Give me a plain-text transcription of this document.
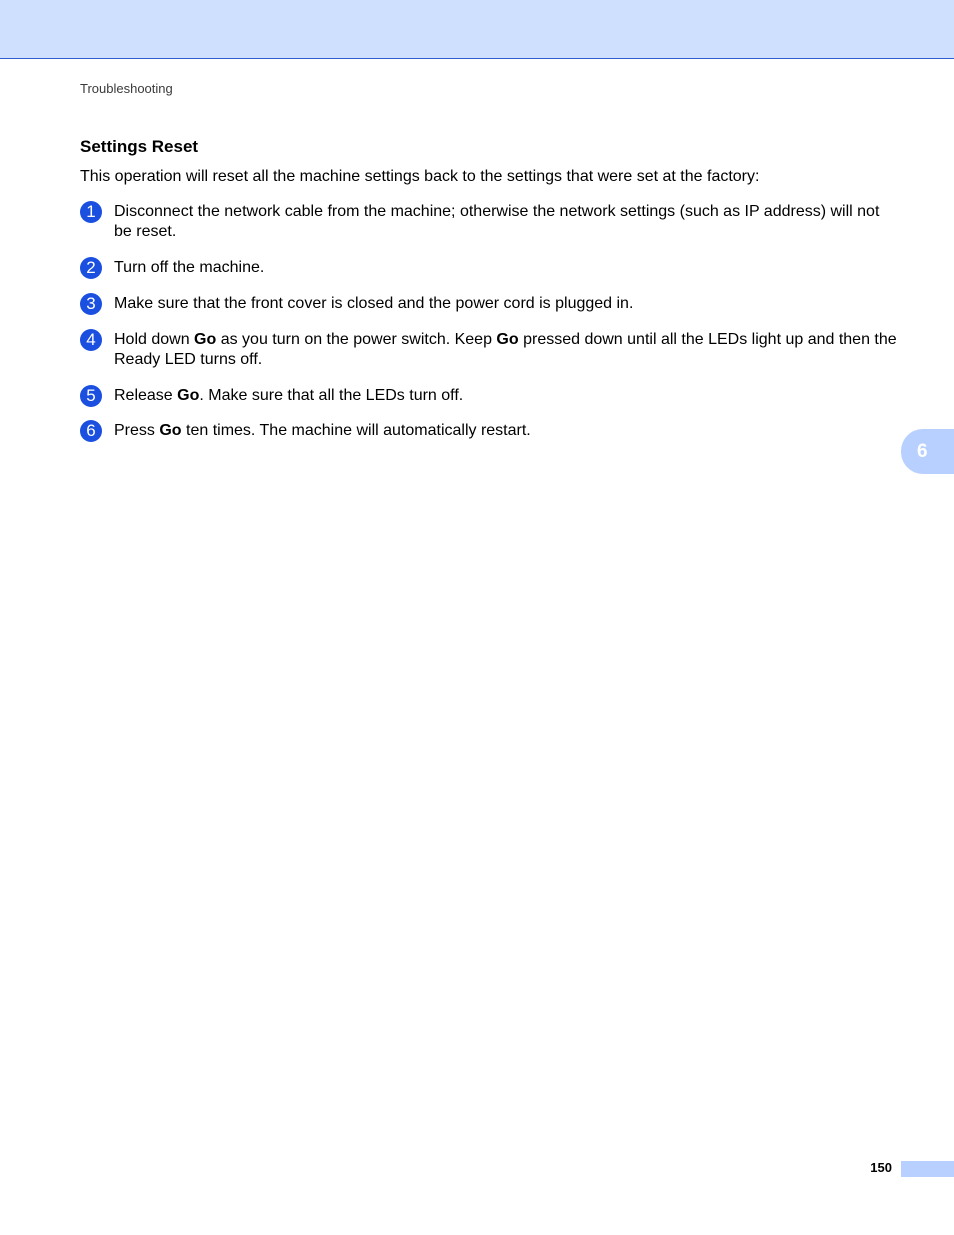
Troubleshooting
Settings Reset

This operation will reset all the machine settings back to the settings that were set at the factory:

1	Disconnect the network cable from the machine; otherwise the network settings (such as IP address) will not be reset.

2	Turn off the machine.

3	Make sure that the front cover is closed and the power cord is plugged in.

4	Hold down Go as you turn on the power switch. Keep Go pressed down until all the LEDs light up and then the Ready LED turns off.

5	Release Go. Make sure that all the LEDs turn off.

6	Press Go ten times. The machine will automatically restart.

6
150
